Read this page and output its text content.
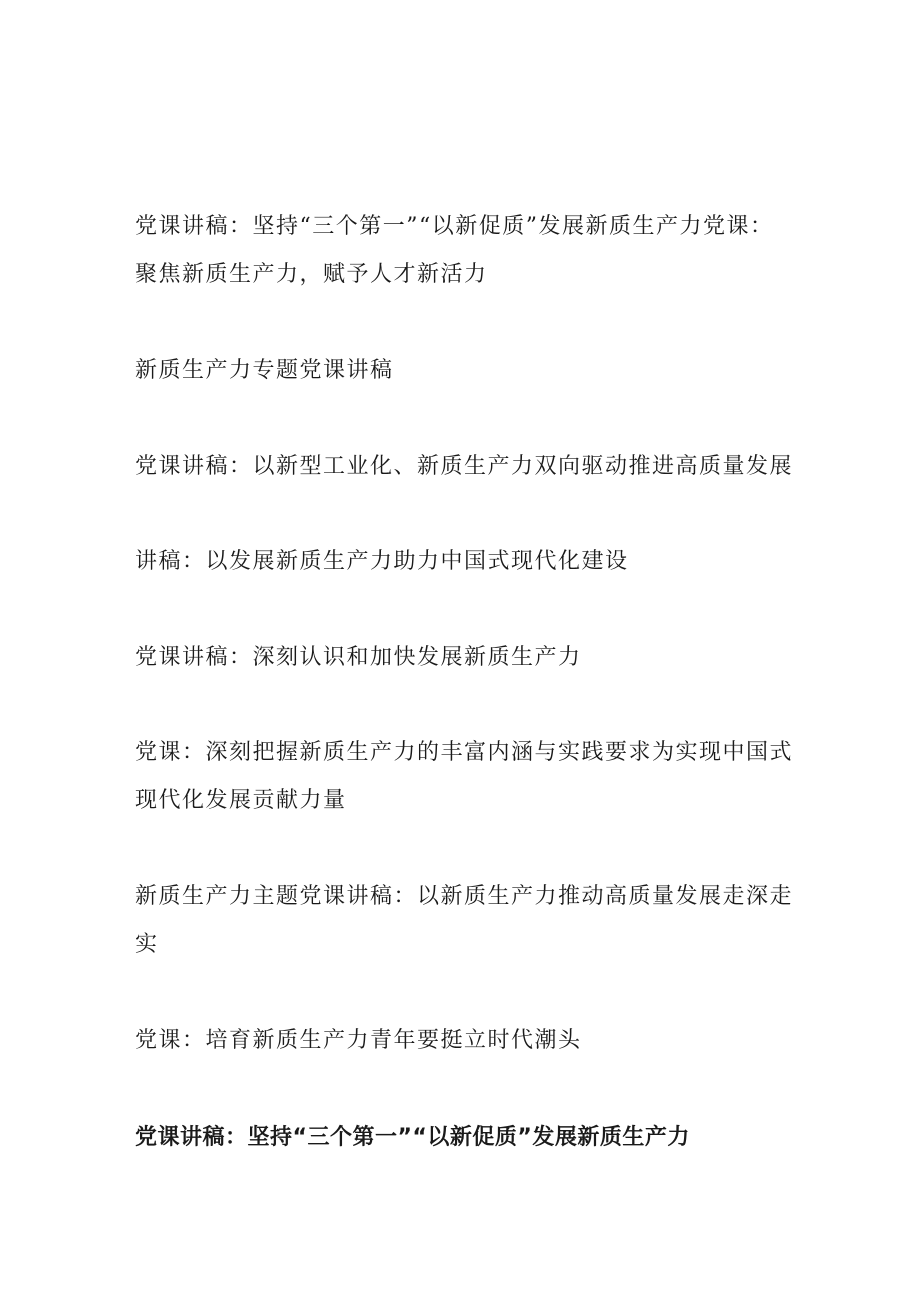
党课讲稿：坚持“三个第一”“以新促质”发展新质生产力党课：聚焦新质生产力，赋予人才新活力

新质生产力专题党课讲稿

党课讲稿：以新型工业化、新质生产力双向驱动推进高质量发展

讲稿：以发展新质生产力助力中国式现代化建设

党课讲稿：深刻认识和加快发展新质生产力

党课：深刻把握新质生产力的丰富内涵与实践要求为实现中国式现代化发展贡献力量

新质生产力主题党课讲稿：以新质生产力推动高质量发展走深走实

党课：培育新质生产力青年要挺立时代潮头

党课讲稿：坚持“三个第一”“以新促质”发展新质生产力
